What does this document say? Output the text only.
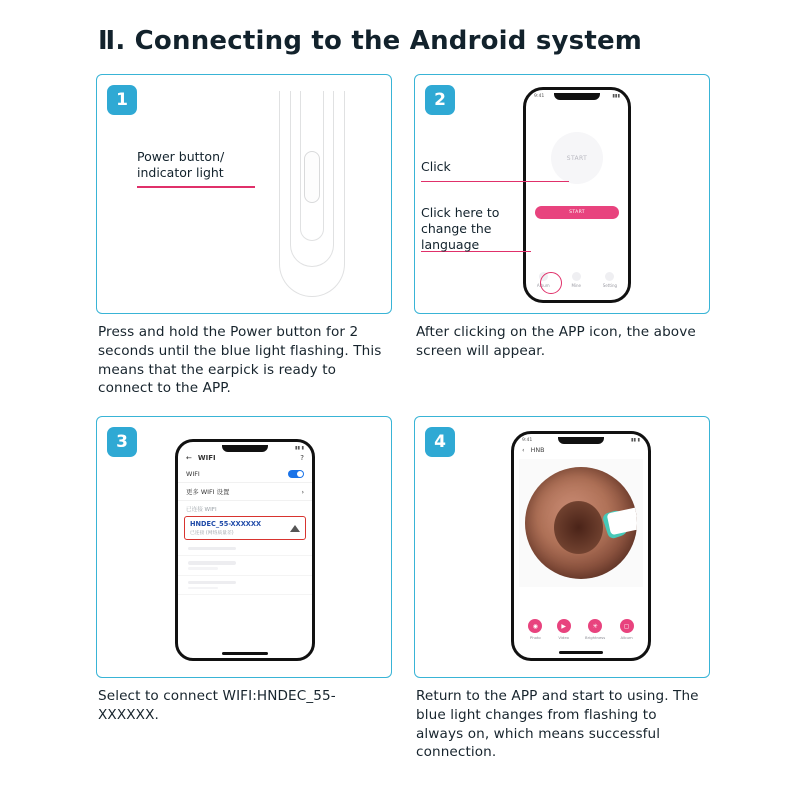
Ⅱ. Connecting to the Android system
1
Power button/
indicator light
Press and hold the Power button for 2 seconds until the blue light flashing. This means that the earpick is ready to connect to the APP.
2	9:41	▮▮▮
START
START
Album	Mine	Setting
Click
Click here to change the language
After clicking on the APP icon, the above screen will appear.
3
	▮▮ ▮
← WIFI	?
WIFI
更多 WIFI 设置	›
已连接 WIFI
HNDEC_55-XXXXXX
已连接 (网络质量差)
Select to connect WIFI:HNDEC_55-XXXXXX.
4	9:41	▮▮ ▮
‹ HNB
◉
Photo
▶
Video
✳
Brightness
▢
Album
Return to the APP and start to using. The blue light changes from flashing to always on, which means successful connection.
